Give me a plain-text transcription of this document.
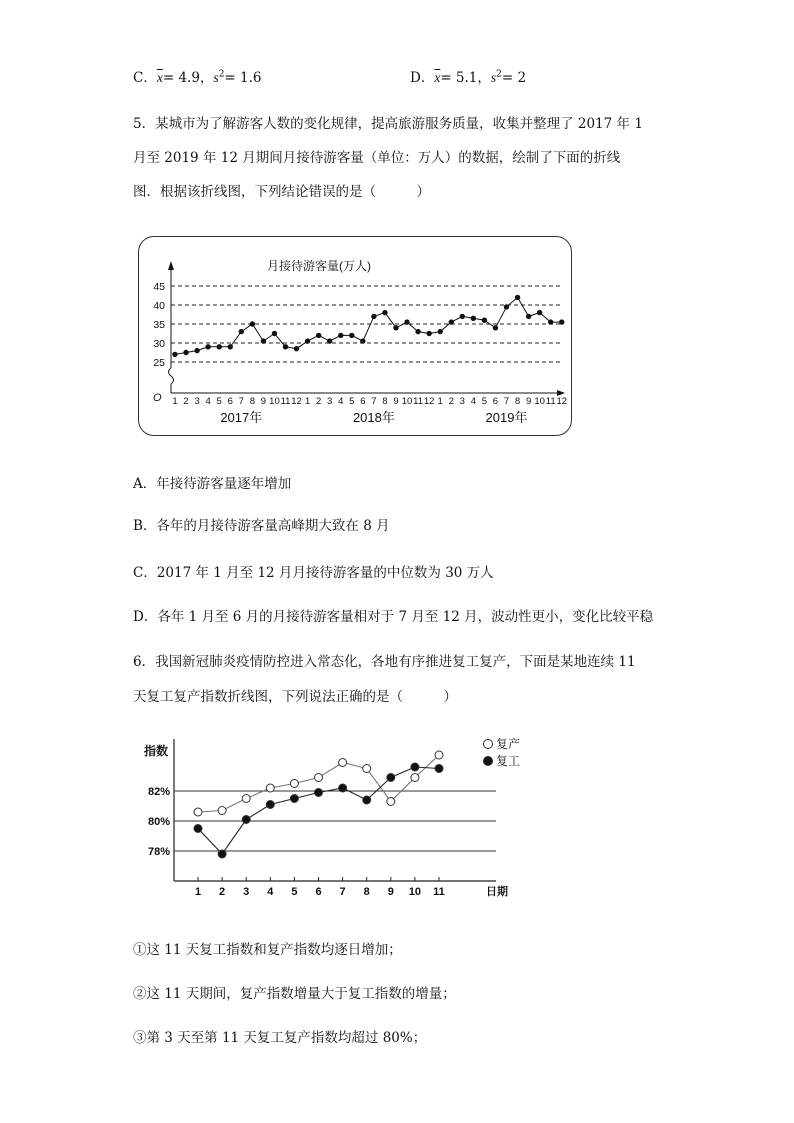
C．$\overline{x}= 4.9$，$s^2= 1.6$	D．$\overline{x}= 5.1$，$s^2= 2$
5．某城市为了解游客人数的变化规律，提高旅游服务质量，收集并整理了 2017 年 1
月至 2019 年 12 月期间月接待游客量（单位：万人）的数据，绘制了下面的折线
图．根据该折线图，下列结论错误的是（　　　）
月接待游客量(万人)
25
30
35
40
45
O 1 2 3 4 5 6 7 8 9 10 11 12 1 2 3 4 5 6 7 8 9 10 11 12 1 2 3 4 5 6 7 8 9 10 11 12
2017年	2018年	2019年
A．年接待游客量逐年增加
B．各年的月接待游客量高峰期大致在 8 月
C．2017 年 1 月至 12 月月接待游客量的中位数为 30 万人
D．各年 1 月至 6 月的月接待游客量相对于 7 月至 12 月，波动性更小，变化比较平稳
6．我国新冠肺炎疫情防控进入常态化，各地有序推进复工复产，下面是某地连续 11
天复工复产指数折线图，下列说法正确的是（　　　）
指数
78%
80%
82%
1 2 3 4 5 6 7 8 9 10 11	日期
复产
复工
①这 11 天复工指数和复产指数均逐日增加；
②这 11 天期间，复产指数增量大于复工指数的增量；
③第 3 天至第 11 天复工复产指数均超过 80%；
